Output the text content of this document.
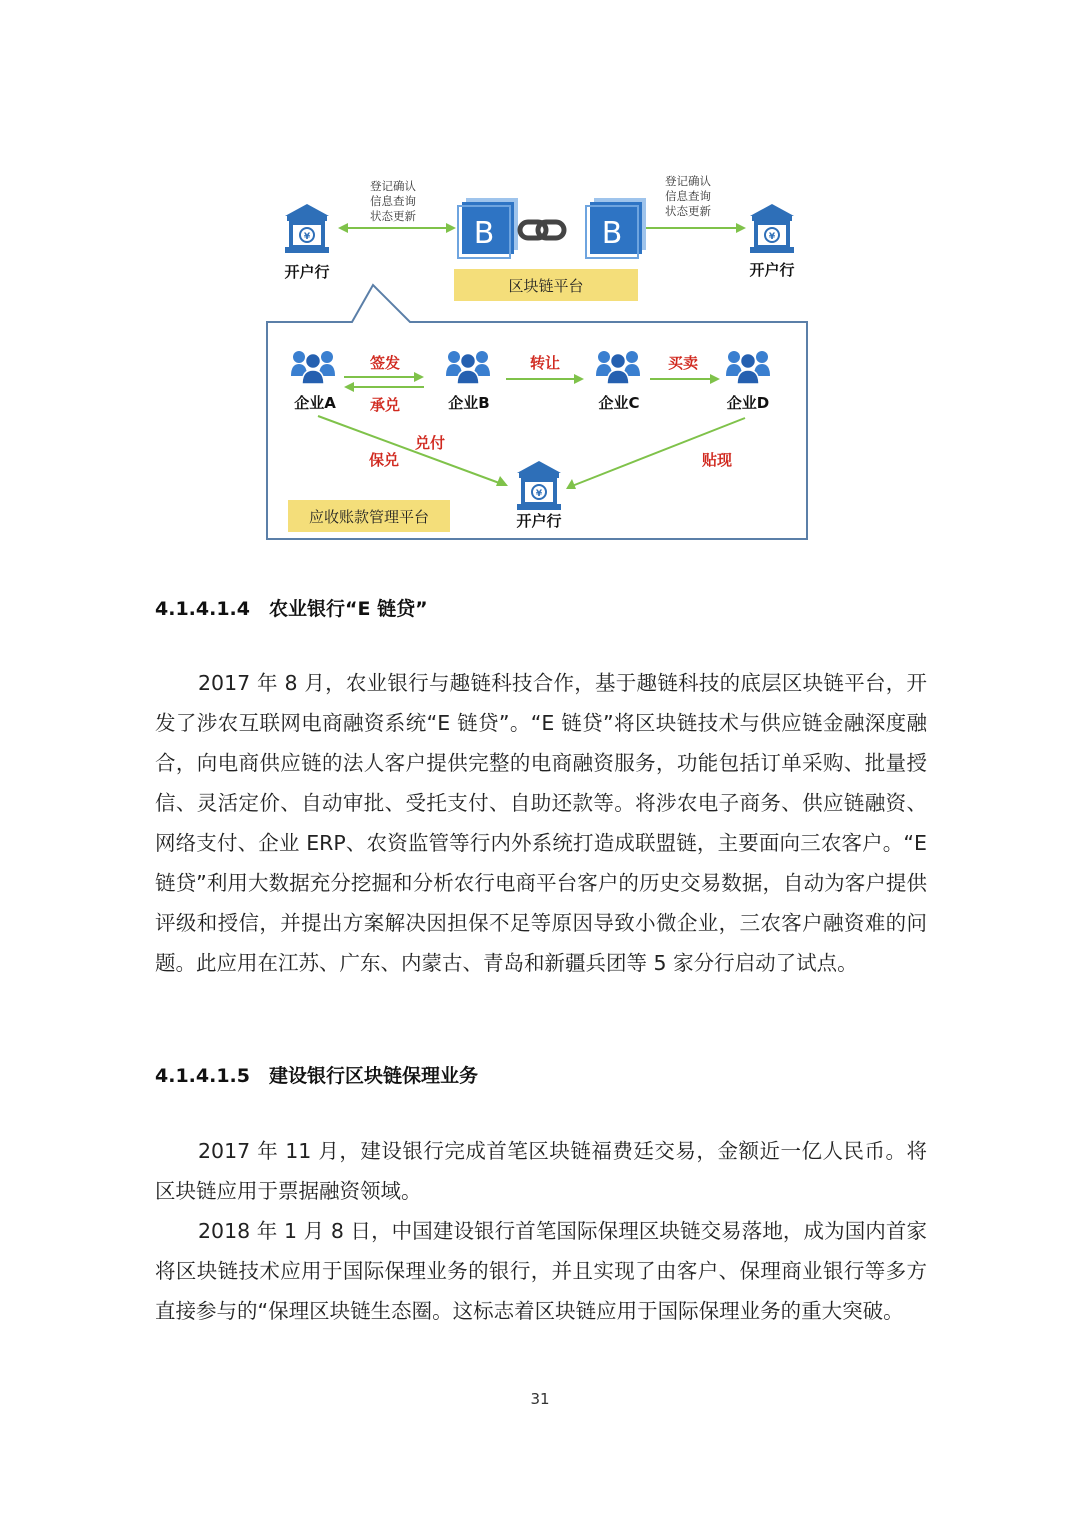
¥
开户行	开户行
登记确认
信息查询
状态更新
登记确认
信息查询
状态更新
B	B
区块链平台
企业A	企业B	企业C	企业D
签发
承兑
转让	买卖
兑付
保兑	贴现
开户行
应收账款管理平台
4.1.4.1.4 农业银行“E 链贷”

2017 年 8 月，农业银行与趣链科技合作，基于趣链科技的底层区块链平台，开发了涉农互联网电商融资系统“E 链贷”。“E 链贷”将区块链技术与供应链金融深度融合，向电商供应链的法人客户提供完整的电商融资服务，功能包括订单采购、批量授信、灵活定价、自动审批、受托支付、自助还款等。将涉农电子商务、供应链融资、网络支付、企业 ERP、农资监管等行内外系统打造成联盟链，主要面向三农客户。“E 链贷”利用大数据充分挖掘和分析农行电商平台客户的历史交易数据，自动为客户提供评级和授信，并提出方案解决因担保不足等原因导致小微企业，三农客户融资难的问题。此应用在江苏、广东、内蒙古、青岛和新疆兵团等 5 家分行启动了试点。

4.1.4.1.5 建设银行区块链保理业务

2017 年 11 月，建设银行完成首笔区块链福费廷交易，金额近一亿人民币。将区块链应用于票据融资领域。

2018 年 1 月 8 日，中国建设银行首笔国际保理区块链交易落地，成为国内首家将区块链技术应用于国际保理业务的银行，并且实现了由客户、保理商业银行等多方直接参与的“保理区块链生态圈。这标志着区块链应用于国际保理业务的重大突破。

31
